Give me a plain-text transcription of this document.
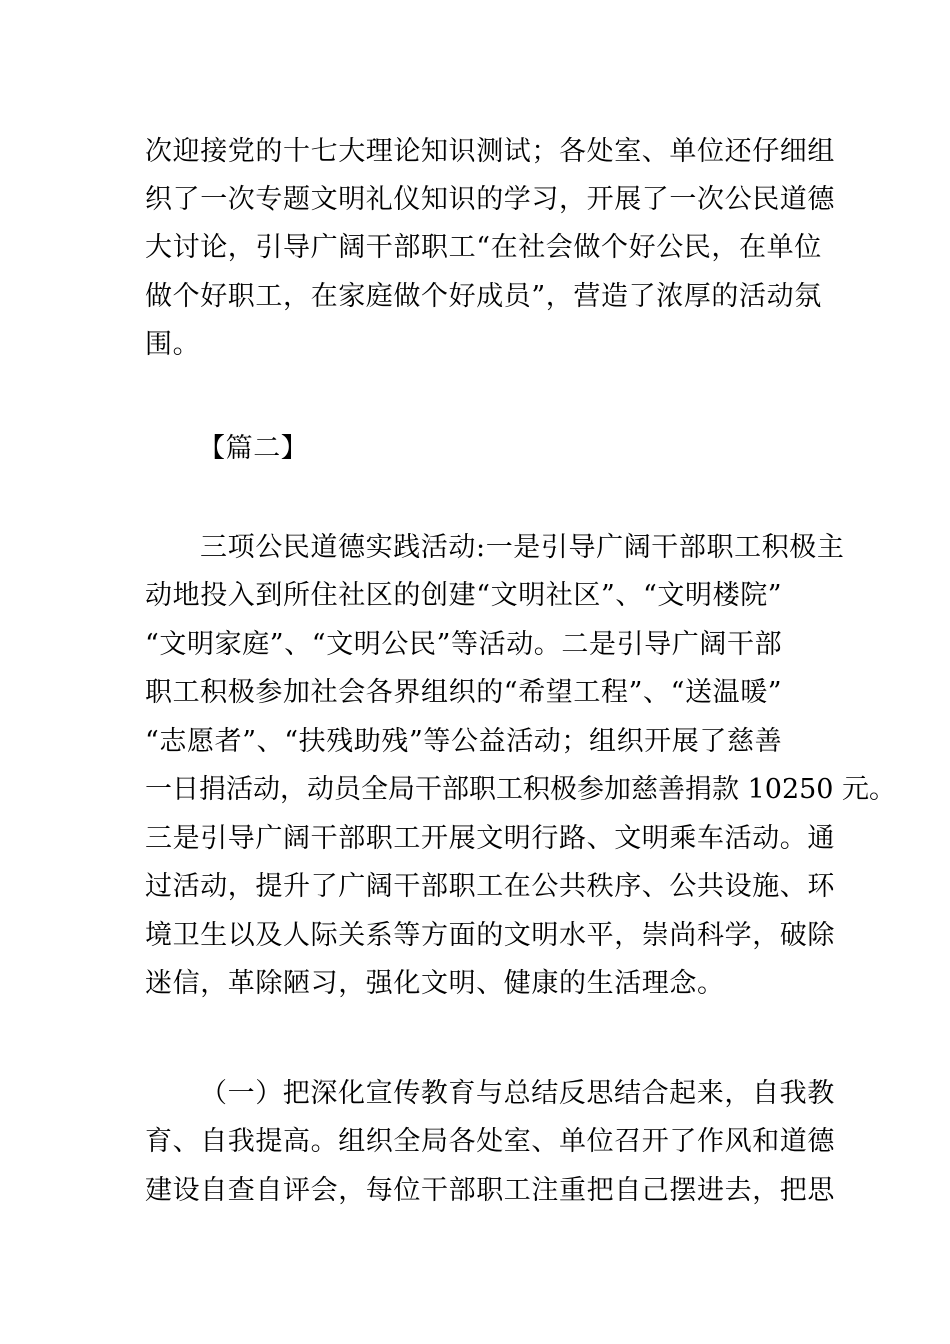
次迎接党的十七大理论知识测试；各处室、单位还仔细组
织了一次专题文明礼仪知识的学习，开展了一次公民道德
大讨论，引导广阔干部职工“在社会做个好公民，在单位
做个好职工，在家庭做个好成员”，营造了浓厚的活动氛
围。
【篇二】
三项公民道德实践活动:一是引导广阔干部职工积极主
动地投入到所住社区的创建“文明社区”、“文明楼院”
“文明家庭”、“文明公民”等活动。二是引导广阔干部
职工积极参加社会各界组织的“希望工程”、“送温暖”
“志愿者”、“扶残助残”等公益活动；组织开展了慈善
一日捐活动，动员全局干部职工积极参加慈善捐款 10250 元。
三是引导广阔干部职工开展文明行路、文明乘车活动。通
过活动，提升了广阔干部职工在公共秩序、公共设施、环
境卫生以及人际关系等方面的文明水平，崇尚科学，破除
迷信，革除陋习，强化文明、健康的生活理念。
（一）把深化宣传教育与总结反思结合起来，自我教
育、自我提高。组织全局各处室、单位召开了作风和道德
建设自查自评会，每位干部职工注重把自己摆进去，把思
